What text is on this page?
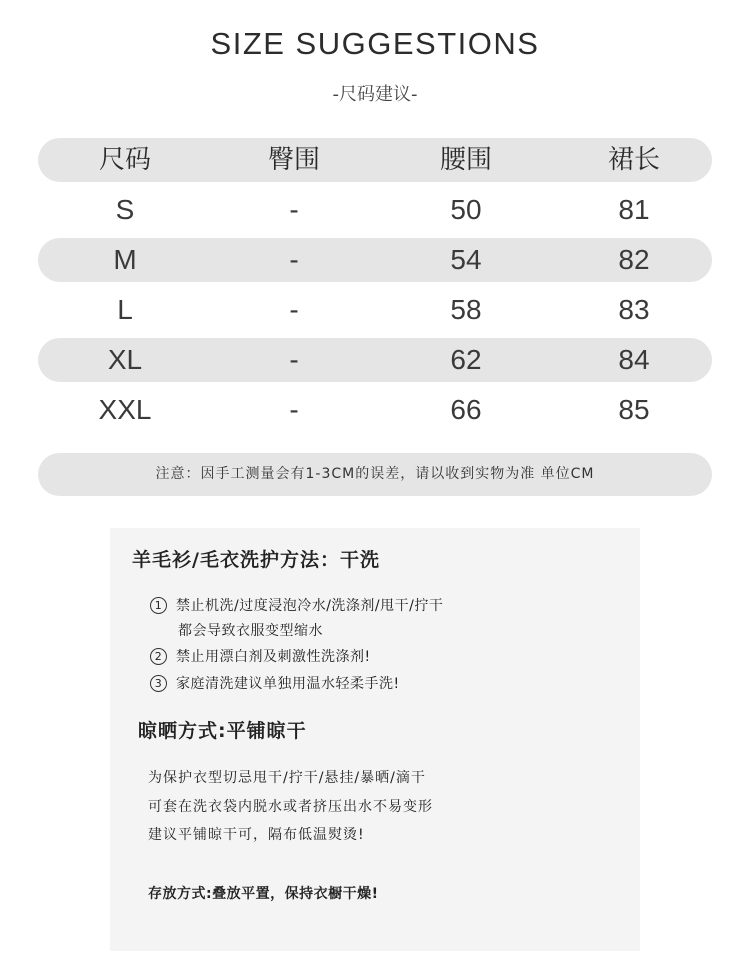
SIZE SUGGESTIONS
-尺码建议-
尺码	臀围	腰围	裙长
S	-	50	81
M	-	54	82
L	-	58	83
XL	-	62	84
XXL	-	66	85
注意：因手工测量会有1-3CM的误差，请以收到实物为准 单位CM
羊毛衫/毛衣洗护方法：干洗
1 禁止机洗/过度浸泡冷水/洗涤剂/甩干/拧干
都会导致衣服变型缩水
2 禁止用漂白剂及刺激性洗涤剂!
3 家庭清洗建议单独用温水轻柔手洗!
晾晒方式:平铺晾干
为保护衣型切忌甩干/拧干/悬挂/暴晒/滴干
可套在洗衣袋内脱水或者挤压出水不易变形
建议平铺晾干可，隔布低温熨烫!
存放方式:叠放平置，保持衣橱干燥!
